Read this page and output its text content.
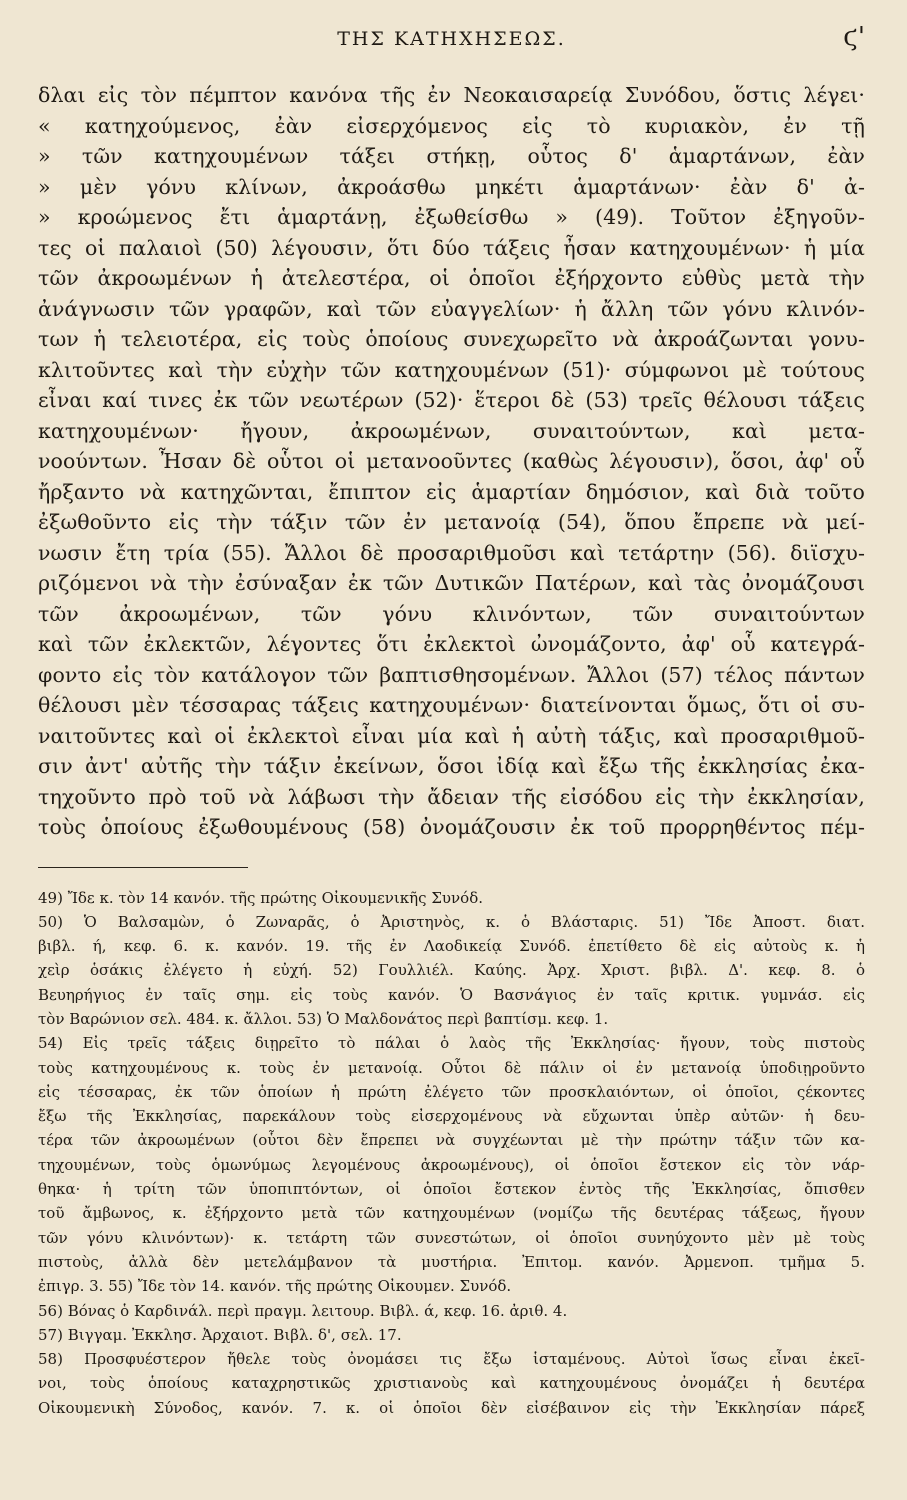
ΤΗΣ ΚΑΤΗΧΗΣΕΩΣ.	ϛ'
δλαι εἰς τὸν πέμπτον κανόνα τῆς ἐν Νεοκαισαρείᾳ Συνόδου, ὅστις λέγει·
« κατηχούμενος, ἐὰν εἰσερχόμενος εἰς τὸ κυριακὸν, ἐν τῇ
» τῶν κατηχουμένων τάξει στήκῃ, οὗτος δ' ἁμαρτάνων, ἐὰν
» μὲν γόνυ κλίνων, ἀκροάσθω μηκέτι ἁμαρτάνων· ἐὰν δ' ἀ-
» κροώμενος ἔτι ἁμαρτάνῃ, ἐξωθείσθω » (49). Τοῦτον ἐξηγοῦν-
τες οἱ παλαιοὶ (50) λέγουσιν, ὅτι δύο τάξεις ἦσαν κατηχουμένων· ἡ μία
τῶν ἀκροωμένων ἡ ἀτελεστέρα, οἱ ὁποῖοι ἐξήρχοντο εὐθὺς μετὰ τὴν
ἀνάγνωσιν τῶν γραφῶν, καὶ τῶν εὐαγγελίων· ἡ ἄλλη τῶν γόνυ κλινόν-
των ἡ τελειοτέρα, εἰς τοὺς ὁποίους συνεχωρεῖτο νὰ ἀκροάζωνται γονυ-
κλιτοῦντες καὶ τὴν εὐχὴν τῶν κατηχουμένων (51)· σύμφωνοι μὲ τούτους
εἶναι καί τινες ἐκ τῶν νεωτέρων (52)· ἕτεροι δὲ (53) τρεῖς θέλουσι τάξεις
κατηχουμένων· ἤγουν, ἀκροωμένων, συναιτούντων, καὶ μετα-
νοούντων. Ἦσαν δὲ οὗτοι οἱ μετανοοῦντες (καθὼς λέγουσιν), ὅσοι, ἀφ' οὗ
ἤρξαντο νὰ κατηχῶνται, ἔπιπτον εἰς ἁμαρτίαν δημόσιον, καὶ διὰ τοῦτο
ἐξωθοῦντο εἰς τὴν τάξιν τῶν ἐν μετανοίᾳ (54), ὅπου ἔπρεπε νὰ μεί-
νωσιν ἔτη τρία (55). Ἄλλοι δὲ προσαριθμοῦσι καὶ τετάρτην (56). διϊσχυ-
ριζόμενοι νὰ τὴν ἐσύναξαν ἐκ τῶν Δυτικῶν Πατέρων, καὶ τὰς ὀνομάζουσι
τῶν ἀκροωμένων, τῶν γόνυ κλινόντων, τῶν συναιτούντων
καὶ τῶν ἐκλεκτῶν, λέγοντες ὅτι ἐκλεκτοὶ ὠνομάζοντο, ἀφ' οὗ κατεγρά-
φοντο εἰς τὸν κατάλογον τῶν βαπτισθησομένων. Ἄλλοι (57) τέλος πάντων
θέλουσι μὲν τέσσαρας τάξεις κατηχουμένων· διατείνονται ὅμως, ὅτι οἱ συ-
ναιτοῦντες καὶ οἱ ἐκλεκτοὶ εἶναι μία καὶ ἡ αὐτὴ τάξις, καὶ προσαριθμοῦ-
σιν ἀντ' αὐτῆς τὴν τάξιν ἐκείνων, ὅσοι ἰδίᾳ καὶ ἔξω τῆς ἐκκλησίας ἐκα-
τηχοῦντο πρὸ τοῦ νὰ λάβωσι τὴν ἄδειαν τῆς εἰσόδου εἰς τὴν ἐκκλησίαν,
τοὺς ὁποίους ἐξωθουμένους (58) ὀνομάζουσιν ἐκ τοῦ προρρηθέντος πέμ-
49) Ἴδε κ. τὸν 14 κανόν. τῆς πρώτης Οἰκουμενικῆς Συνόδ.
50) Ὁ Βαλσαμὼν, ὁ Ζωναρᾶς, ὁ Ἀριστηνὸς, κ. ὁ Βλάσταρις. 51) Ἴδε Ἀποστ. διατ.
βιβλ. ή, κεφ. 6. κ. κανόν. 19. τῆς ἐν Λαοδικείᾳ Συνόδ. ἐπετίθετο δὲ εἰς αὐτοὺς κ. ἡ
χεὶρ ὁσάκις ἐλέγετο ἡ εὐχή. 52) Γουλλιέλ. Καύης. Ἀρχ. Χριστ. βιβλ. Δ'. κεφ. 8. ὁ
Βευηρήγιος ἐν ταῖς σημ. εἰς τοὺς κανόν. Ὁ Βασνάγιος ἐν ταῖς κριτικ. γυμνάσ. εἰς
τὸν Βαρώνιον σελ. 484. κ. ἄλλοι. 53) Ὁ Μαλδονάτος περὶ βαπτίσμ. κεφ. 1.
54) Εἰς τρεῖς τάξεις διῃρεῖτο τὸ πάλαι ὁ λαὸς τῆς Ἐκκλησίας· ἤγουν, τοὺς πιστοὺς
τοὺς κατηχουμένους κ. τοὺς ἐν μετανοίᾳ. Οὗτοι δὲ πάλιν οἱ ἐν μετανοίᾳ ὑποδιῃροῦντο
εἰς τέσσαρας, ἐκ τῶν ὁποίων ἡ πρώτη ἐλέγετο τῶν προσκλαιόντων, οἱ ὁποῖοι, ςέκοντες
ἔξω τῆς Ἐκκλησίας, παρεκάλουν τοὺς εἰσερχομένους νὰ εὔχωνται ὑπὲρ αὐτῶν· ἡ δευ-
τέρα τῶν ἀκροωμένων (οὗτοι δὲν ἔπρεπει νὰ συγχέωνται μὲ τὴν πρώτην τάξιν τῶν κα-
τηχουμένων, τοὺς ὁμωνύμως λεγομένους ἀκροωμένους), οἱ ὁποῖοι ἔστεκον εἰς τὸν νάρ-
θηκα· ἡ τρίτη τῶν ὑποπιπτόντων, οἱ ὁποῖοι ἔστεκον ἐντὸς τῆς Ἐκκλησίας, ὄπισθεν
τοῦ ἄμβωνος, κ. ἐξήρχοντο μετὰ τῶν κατηχουμένων (νομίζω τῆς δευτέρας τάξεως, ἤγουν
τῶν γόνυ κλινόντων)· κ. τετάρτη τῶν συνεστώτων, οἱ ὁποῖοι συνηύχοντο μὲν μὲ τοὺς
πιστοὺς, ἀλλὰ δὲν μετελάμβανον τὰ μυστήρια. Ἐπιτομ. κανόν. Ἀρμενοπ. τμῆμα 5.
ἐπιγρ. 3. 55) Ἴδε τὸν 14. κανόν. τῆς πρώτης Οἰκουμεν. Συνόδ.
56) Βόνας ὁ Καρδινάλ. περὶ πραγμ. λειτουρ. Βιβλ. ά, κεφ. 16. ἀριθ. 4.
57) Βιγγαμ. Ἐκκλησ. Ἀρχαιοτ. Βιβλ. δ', σελ. 17.
58) Προσφυέστερον ἤθελε τοὺς ὀνομάσει τις ἔξω ἱσταμένους. Αὐτοὶ ἴσως εἶναι ἐκεῖ-
νοι, τοὺς ὁποίους καταχρηστικῶς χριστιανοὺς καὶ κατηχουμένους ὀνομάζει ἡ δευτέρα
Οἰκουμενικὴ Σύνοδος, κανόν. 7. κ. οἱ ὁποῖοι δὲν εἰσέβαινον εἰς τὴν Ἐκκλησίαν πάρεξ
